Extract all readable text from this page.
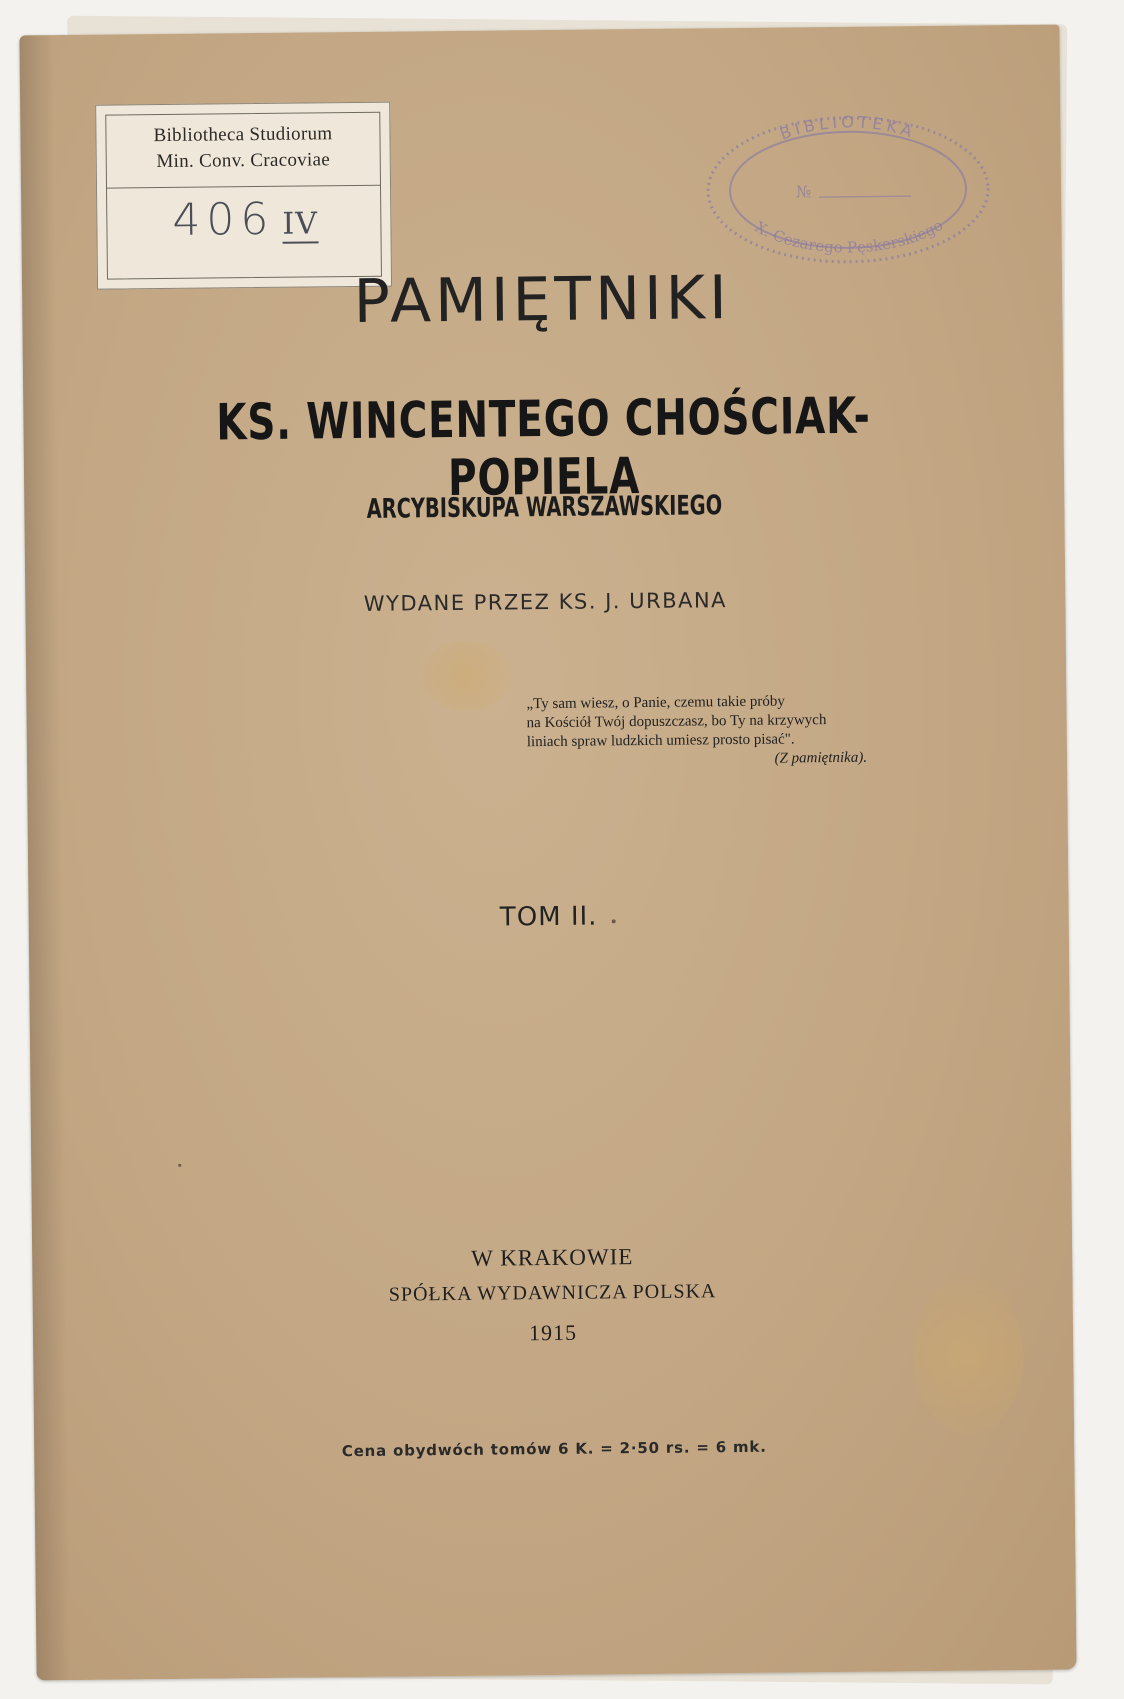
Bibliotheca Studiorum
Min. Conv. Cracoviae
406 IV
BIBLIOTEKA
№
X. Cezarego Pęskerskiego
PAMIĘTNIKI
KS. WINCENTEGO CHOŚCIAK-POPIELA
ARCYBISKUPA WARSZAWSKIEGO
WYDANE PRZEZ KS. J. URBANA
„Ty sam wiesz, o Panie, czemu takie próby
na Kościół Twój dopuszczasz, bo Ty na krzywych
liniach spraw ludzkich umiesz prosto pisać".
(Z pamiętnika).
TOM II.
W KRAKOWIE
SPÓŁKA WYDAWNICZA POLSKA
1915
Cena obydwóch tomów 6 K. = 2·50 rs. = 6 mk.
